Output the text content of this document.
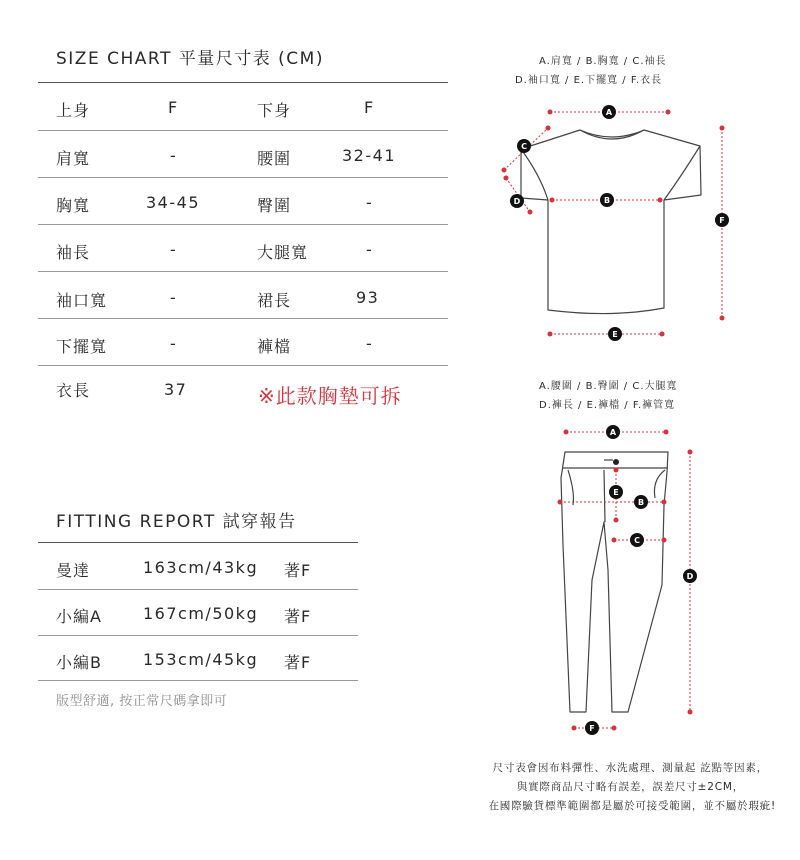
SIZE CHART 平量尺寸表 (CM)
上身	F	下身	F
肩寬	-	腰圍	32-41
胸寬	34-45	臀圍	-
袖長	-	大腿寬	-
袖口寬	-	裙長	93
下擺寬	-	褲檔	-
衣長	37	※此款胸墊可拆
FITTING REPORT 試穿報告
曼達	163cm/43kg 著F
小編A	167cm/50kg 著F
小編B	153cm/45kg 著F
版型舒適, 按正常尺碼拿即可
A.肩寬 / B.胸寬 / C.袖長
D.袖口寬 / E.下擺寬 / F.衣長
A.腰圍 / B.臀圍 / C.大腿寬
D.褲長 / E.褲檔 / F.褲管寬
A
B
C
D
E
F
A
B
C
D
E
F
尺寸表會因布料彈性、水洗處理、測量起 訖點等因素，
與實際商品尺寸略有誤差，誤差尺寸±2CM，
在國際驗貨標準範圍都是屬於可接受範圍，並不屬於瑕疵!
